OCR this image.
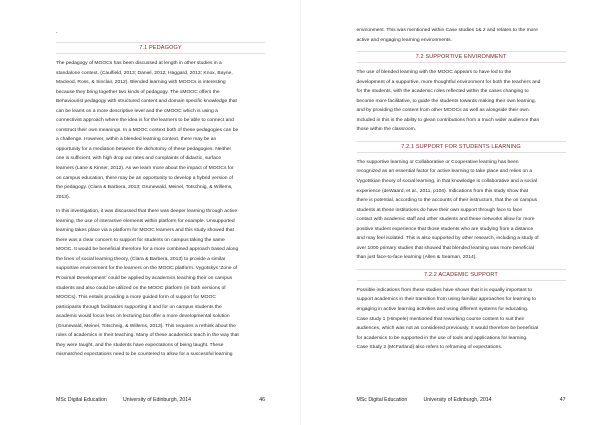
.
7.1 PEDAGOGY

The pedagogy of MOOCs has been discussed at length in other studies in a
standalone context. (Caulfield, 2013; Daniel, 2012; Haggard, 2013; Knox, Bayne,
Macleod, Ross, & Sinclair, 2012). Blended learning with MOOCs is interesting
because they bring together two kinds of pedagogy. The xMOOC offers the
Behaviourist pedagogy with structured content and domain specific knowledge that
can be learnt on a more descriptive level and the cMOOC which is using a
connectivist approach where the idea is for the learners to be able to connect and
construct their own meanings. In a MOOC context both of these pedagogies can be
a challenge. However, within a blended learning context, there may be an
opportunity for a mediation between the dichotomy of these pedagogies. Neither
one is sufficient, with high drop out rates and complaints of didactic, surface
learners (Lane & Kinser, 2012). As we learn more about the impact of MOOCs for
on campus education, there may be an opportunity to develop a hybrid version of
the pedagogy. (Clara & Barbera, 2013; Grunewald, Meinel, Totschnig, & Willems,
2013).

In this investigation, it was discussed that there was deeper learning through active
learning, the use of interactive elements within platform for example. Unsupported
learning takes place via a platform for MOOC learners and this study showed that
there was a clear concern to support for students on campus taking the same
MOOC. It would be beneficial therefore for a more combined approach based along
the lines of social learning theory, (Clara & Barbera, 2013) to provide a similar
supportive environment for the learners on the MOOC platform. Vygotskys 'Zone of
Proximal Development' could be applied by academics teaching their on campus
students and also could be utilized on the MOOC platform (in both versions of
MOOCs). This entails providing a more guided form of support for MOOC
participants through facilitators supporting it and for on campus students the
academic would focus less on lecturing but offer a more developmental solution
(Grunewald, Meinel, Totschnig, & Willems, 2013). This requires a rethink about the
roles of academics in their teaching. Many of these academics teach in the way that
they were taught, and the students have expectations of being taught. These
mismatched expectations need to be countered to allow for a successful learning

MSc Digital Education	University of Edinburgh, 2014	46

environment. This was mentioned within Case studies 1& 2 and relates to the more
active and engaging learning environments.

7.2 SUPPORTIVE ENVIRONMENT

The use of blended learning with the MOOC appears to have led to the
development of a supportive, more thoughtful environment for both the teachers and
for the students, with the academic roles reflected within the cases changing to
become more facilitative, to guide the students towards making their own learning,
and by providing the content from other MOOCs as well as alongside their own.
Included in this is the ability to glean contributions from a much wider audience than
those within the classroom.

7.2.1 SUPPORT FOR STUDENTS LEARNING

The supportive learning or Collaborative or Cooperative learning has been
recognized as an essential factor for active learning to take place and relies on a
Vygotskian theory of social learning, in that knowledge is collaborative and a social
experience (deWaard, et al., 2011, p104). Indications from this study show that
there is potential, according to the accounts of their instructors, that the on campus
students at these institutions do have their own support through face to face
contact with academic staff and other students and these networks allow for more
positive student experience that those students who are studying from a distance
and may feel isolated. This is also supported by other research, including a study of
over 1000 primary studies that showed that blended learning was more beneficial
than just face-to-face learning (Allen & Seaman, 2014).

7.2.2 ACADEMIC SUPPORT

Possible indications from these studies have shown that it is equally important to
support academics in their transition from using familiar approaches for learning to
engaging in active learning activities and using different systems for educating.
Case study 1 (Himpele) mentioned that reworking course content to suit their
audiences, which was not as considered previously. It would therefore be beneficial
for academics to be supported in the use of tools and applications for learning.
Case Study 2 (McFarland) also refers to reframing of expectations.

MSc Digital Education	University of Edinburgh, 2014	47
